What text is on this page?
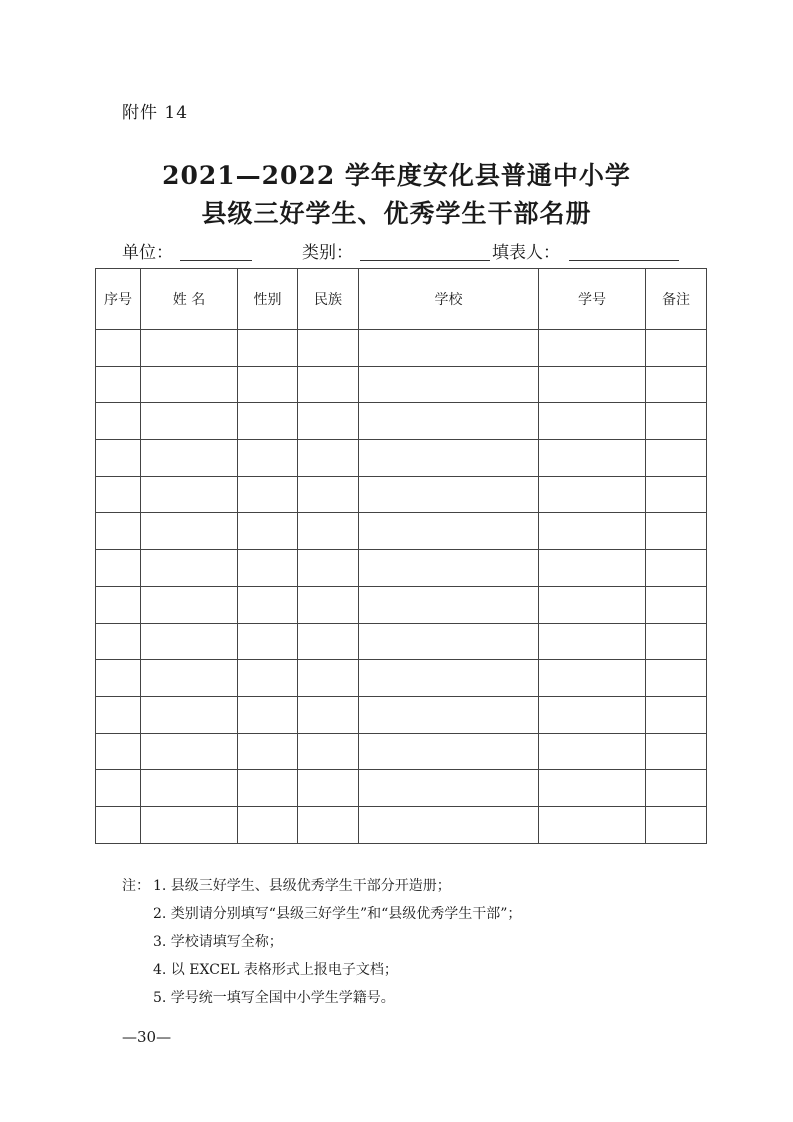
附件 14
2021—2022 学年度安化县普通中小学
县级三好学生、优秀学生干部名册
单位：	类别：	填表人：
序号	姓 名	性别	民族	学校	学号	备注

注： 1. 县级三好学生、县级优秀学生干部分开造册；
2. 类别请分别填写“县级三好学生”和“县级优秀学生干部”；
3. 学校请填写全称；
4. 以 EXCEL 表格形式上报电子文档；
5. 学号统一填写全国中小学生学籍号。
—30—
